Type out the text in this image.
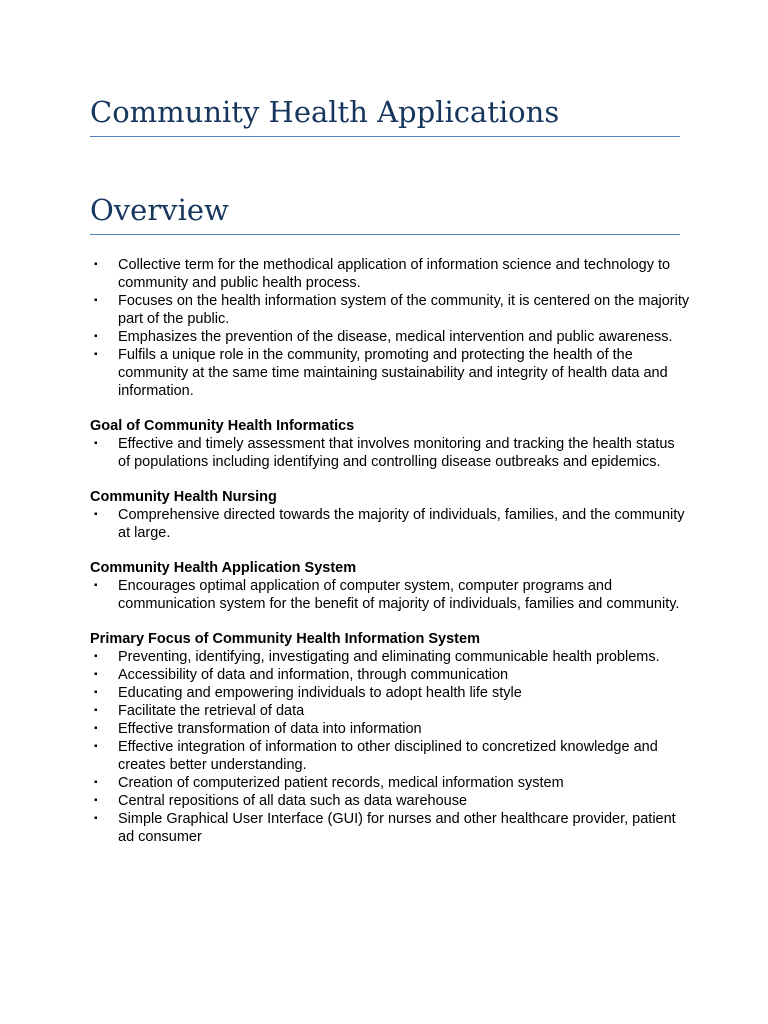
Community Health Applications
Overview
▪ Collective term for the methodical application of information science and technology to community and public health process.
▪ Focuses on the health information system of the community, it is centered on the majority part of the public.
▪ Emphasizes the prevention of the disease, medical intervention and public awareness.
▪ Fulfils a unique role in the community, promoting and protecting the health of the community at the same time maintaining sustainability and integrity of health data and information.

Goal of Community Health Informatics

▪ Effective and timely assessment that involves monitoring and tracking the health status of populations including identifying and controlling disease outbreaks and epidemics.

Community Health Nursing

▪ Comprehensive directed towards the majority of individuals, families, and the community at large.

Community Health Application System

▪ Encourages optimal application of computer system, computer programs and communication system for the benefit of majority of individuals, families and community.

Primary Focus of Community Health Information System

▪ Preventing, identifying, investigating and eliminating communicable health problems.
▪ Accessibility of data and information, through communication
▪ Educating and empowering individuals to adopt health life style
▪ Facilitate the retrieval of data
▪ Effective transformation of data into information
▪ Effective integration of information to other disciplined to concretized knowledge and creates better understanding.
▪ Creation of computerized patient records, medical information system
▪ Central repositions of all data such as data warehouse
▪ Simple Graphical User Interface (GUI) for nurses and other healthcare provider, patient ad consumer
